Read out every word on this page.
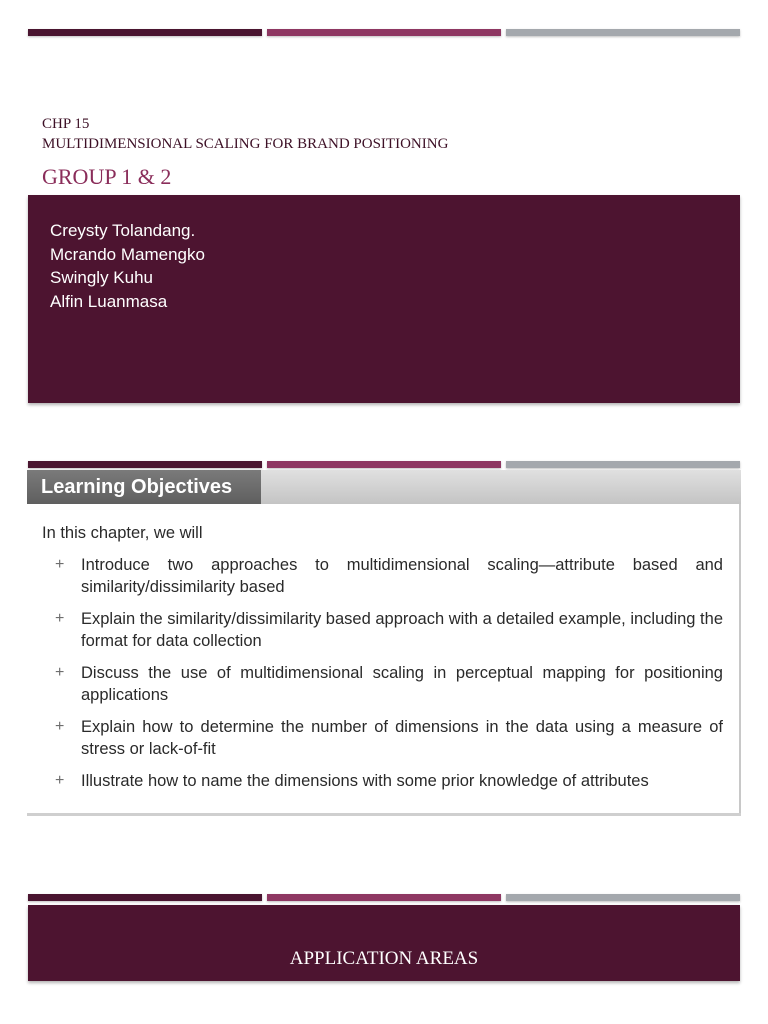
CHP 15

MULTIDIMENSIONAL SCALING FOR BRAND POSITIONING

GROUP 1 & 2

Creysty Tolandang.
Mcrando Mamengko
Swingly Kuhu
Alfin Luanmasa
Learning Objectives

In this chapter, we will

+ Introduce two approaches to multidimensional scaling—attribute based and similarity/dissimilarity based
+ Explain the similarity/dissimilarity based approach with a detailed example, including the format for data collection
+ Discuss the use of multidimensional scaling in perceptual mapping for positioning applications
+ Explain how to determine the number of dimensions in the data using a measure of stress or lack-of-fit
+ Illustrate how to name the dimensions with some prior knowledge of attributes

APPLICATION AREAS
